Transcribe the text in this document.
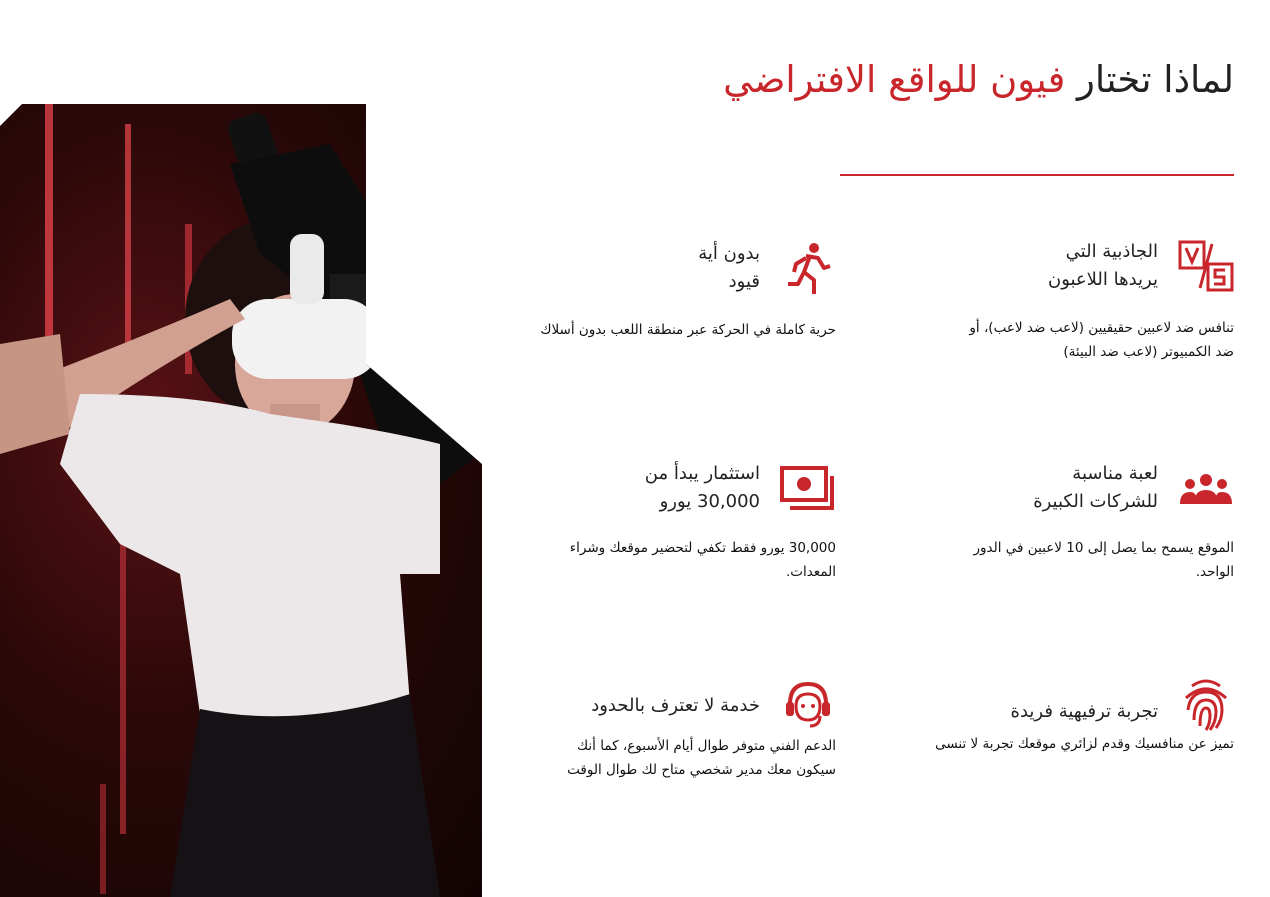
لماذا تختار فيون للواقع الافتراضي
الجاذبية التي
يريدها اللاعبون
تنافس ضد لاعبين حقيقيين (لاعب ضد لاعب)، أو
ضد الكمبيوتر (لاعب ضد البيئة)
بدون أية
قيود
حرية كاملة في الحركة عبر منطقة اللعب بدون أسلاك
لعبة مناسبة
للشركات الكبيرة
الموقع يسمح بما يصل إلى 10 لاعبين في الدور
الواحد.
استثمار يبدأ من
30,000 يورو
30,000 يورو فقط تكفي لتحضير موقعك وشراء
المعدات.
تجربة ترفيهية فريدة
تميز عن منافسيك وقدم لزائري موقعك تجربة لا تنسى
خدمة لا تعترف بالحدود
الدعم الفني متوفر طوال أيام الأسبوع، كما أنك
سيكون معك مدير شخصي متاح لك طوال الوقت
